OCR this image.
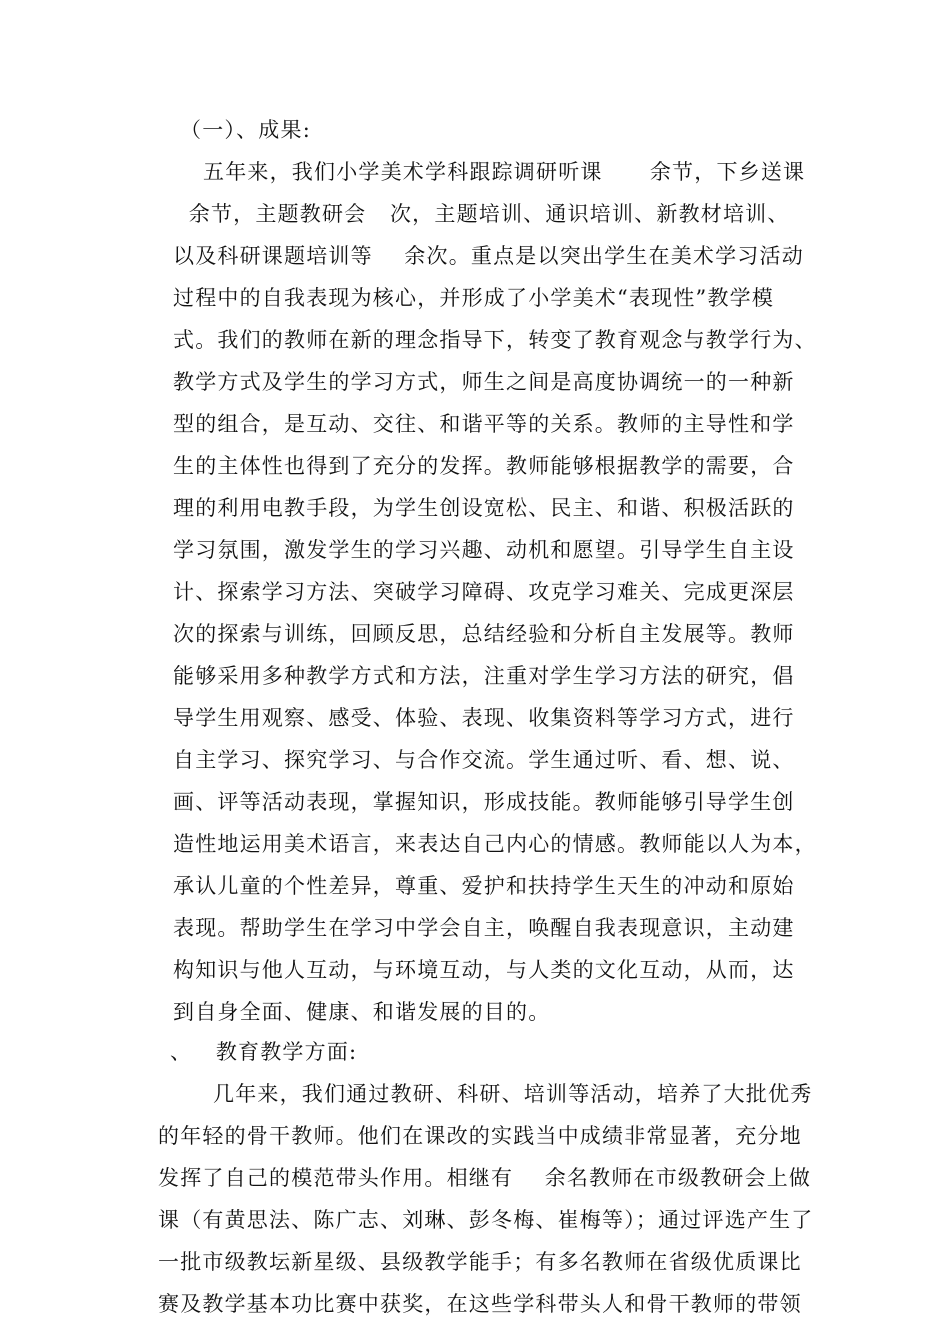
（一）、成果:
五年来，我们小学美术学科跟踪调研听课      余节，下乡送课
余节，主题教研会   次，主题培训、通识培训、新教材培训、
以及科研课题培训等    余次。重点是以突出学生在美术学习活动
过程中的自我表现为核心，并形成了小学美术“表现性”教学模
式。我们的教师在新的理念指导下，转变了教育观念与教学行为、
教学方式及学生的学习方式，师生之间是高度协调统一的一种新
型的组合，是互动、交往、和谐平等的关系。教师的主导性和学
生的主体性也得到了充分的发挥。教师能够根据教学的需要，合
理的利用电教手段，为学生创设宽松、民主、和谐、积极活跃的
学习氛围，激发学生的学习兴趣、动机和愿望。引导学生自主设
计、探索学习方法、突破学习障碍、攻克学习难关、完成更深层
次的探索与训练，回顾反思，总结经验和分析自主发展等。教师
能够采用多种教学方式和方法，注重对学生学习方法的研究，倡
导学生用观察、感受、体验、表现、收集资料等学习方式，进行
自主学习、探究学习、与合作交流。学生通过听、看、想、说、
画、评等活动表现，掌握知识，形成技能。教师能够引导学生创
造性地运用美术语言，来表达自己内心的情感。教师能以人为本，
承认儿童的个性差异，尊重、爱护和扶持学生天生的冲动和原始
表现。帮助学生在学习中学会自主，唤醒自我表现意识，主动建
构知识与他人互动，与环境互动，与人类的文化互动，从而，达
到自身全面、健康、和谐发展的目的。
、   教育教学方面:
几年来，我们通过教研、科研、培训等活动，培养了大批优秀
的年轻的骨干教师。他们在课改的实践当中成绩非常显著，充分地
发挥了自己的模范带头作用。相继有    余名教师在市级教研会上做
课（有黄思法、陈广志、刘琳、彭冬梅、崔梅等）；通过评选产生了
一批市级教坛新星级、县级教学能手；有多名教师在省级优质课比
赛及教学基本功比赛中获奖，在这些学科带头人和骨干教师的带领
